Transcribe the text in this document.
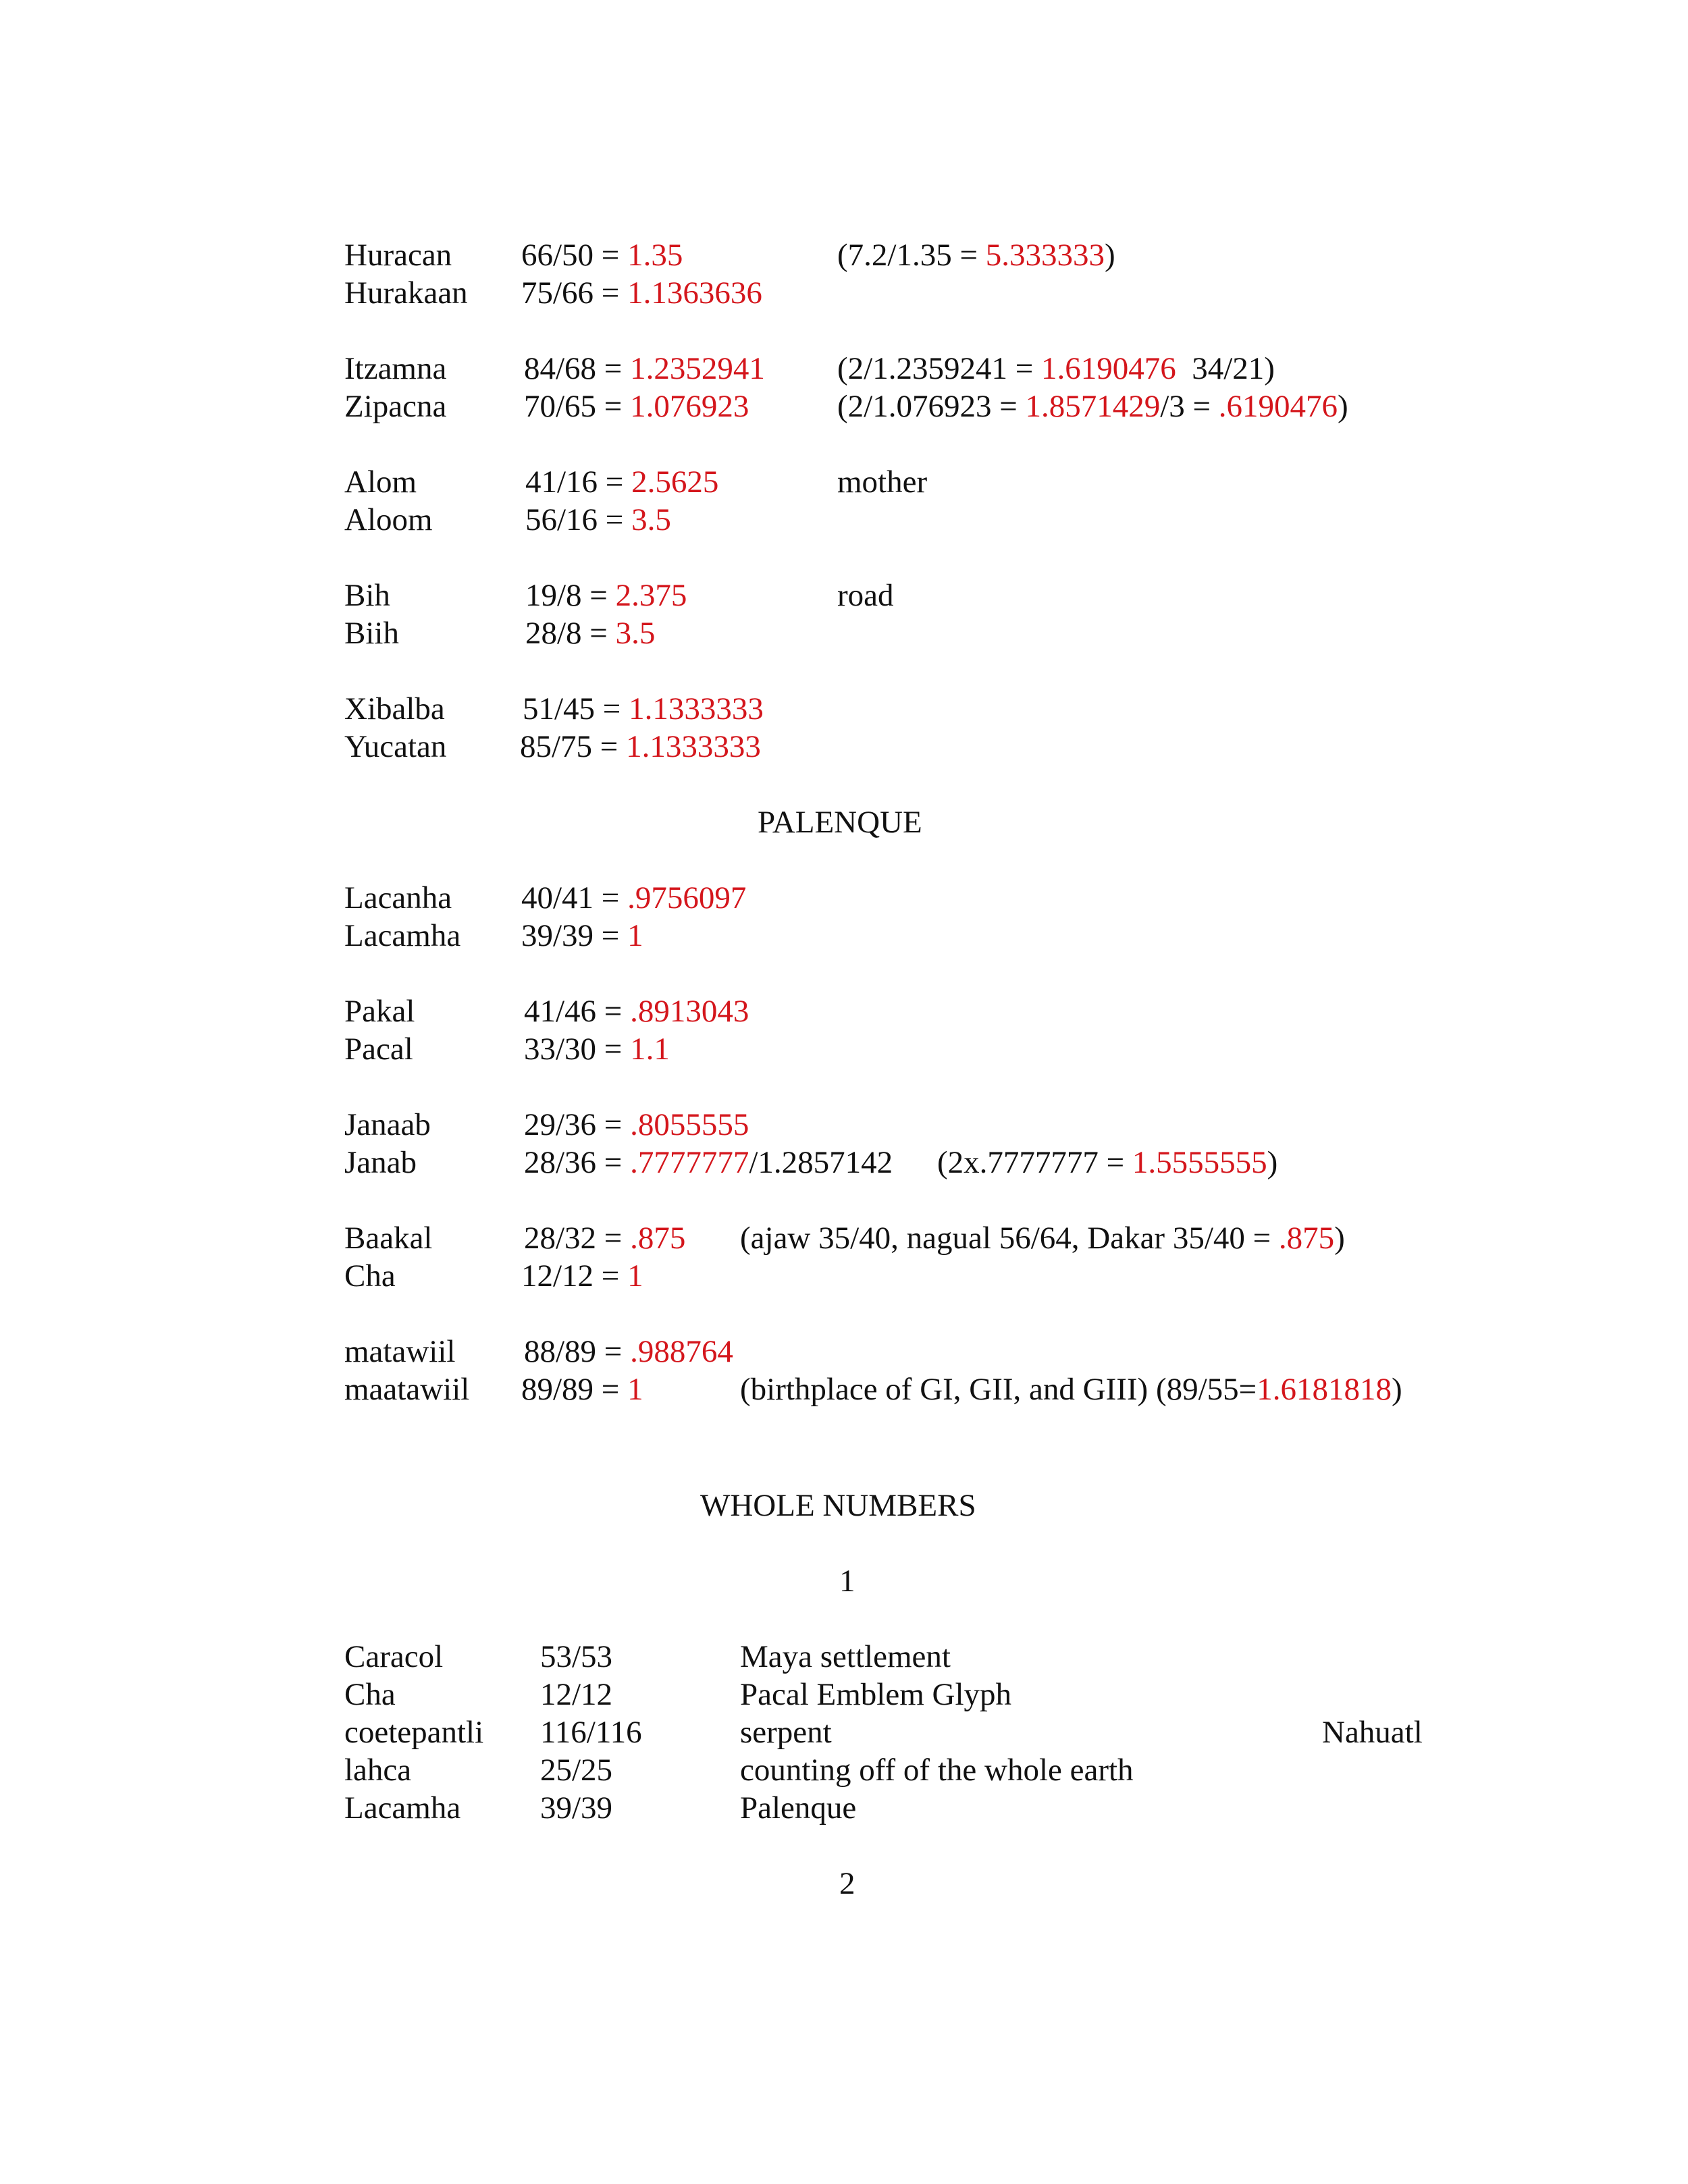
Huracan 66/50 = 1.35	(7.2/1.35 = 5.333333)
Hurakaan 75/66 = 1.1363636
Itzamna 84/68 = 1.2352941 (2/1.2359241 = 1.6190476  34/21)
Zipacna 70/65 = 1.076923	(2/1.076923 = 1.8571429/3 = .6190476)
Alom	41/16 = 2.5625	mother
Aloom	56/16 = 3.5
Bih	19/8 = 2.375	road
Biih	28/8 = 3.5
Xibalba 51/45 = 1.1333333
Yucatan 85/75 = 1.1333333
PALENQUE
Lacanha 40/41 = .9756097
Lacamha 39/39 = 1
Pakal	41/46 = .8913043
Pacal	33/30 = 1.1
Janaab	29/36 = .8055555
Janab	28/36 = .7777777/1.2857142 (2x.7777777 = 1.5555555)
Baakal	28/32 = .875 (ajaw 35/40, nagual 56/64, Dakar 35/40 = .875)
Cha	12/12 = 1
matawiil 88/89 = .988764
maatawiil 89/89 = 1	(birthplace of GI, GII, and GIII) (89/55=1.6181818)
WHOLE NUMBERS
1
Caracol	53/53	Maya settlement
Cha	12/12	Pacal Emblem Glyph
coetepantli 116/116	serpent	Nahuatl
lahca	25/25	counting off of the whole earth
Lacamha	39/39	Palenque
2
